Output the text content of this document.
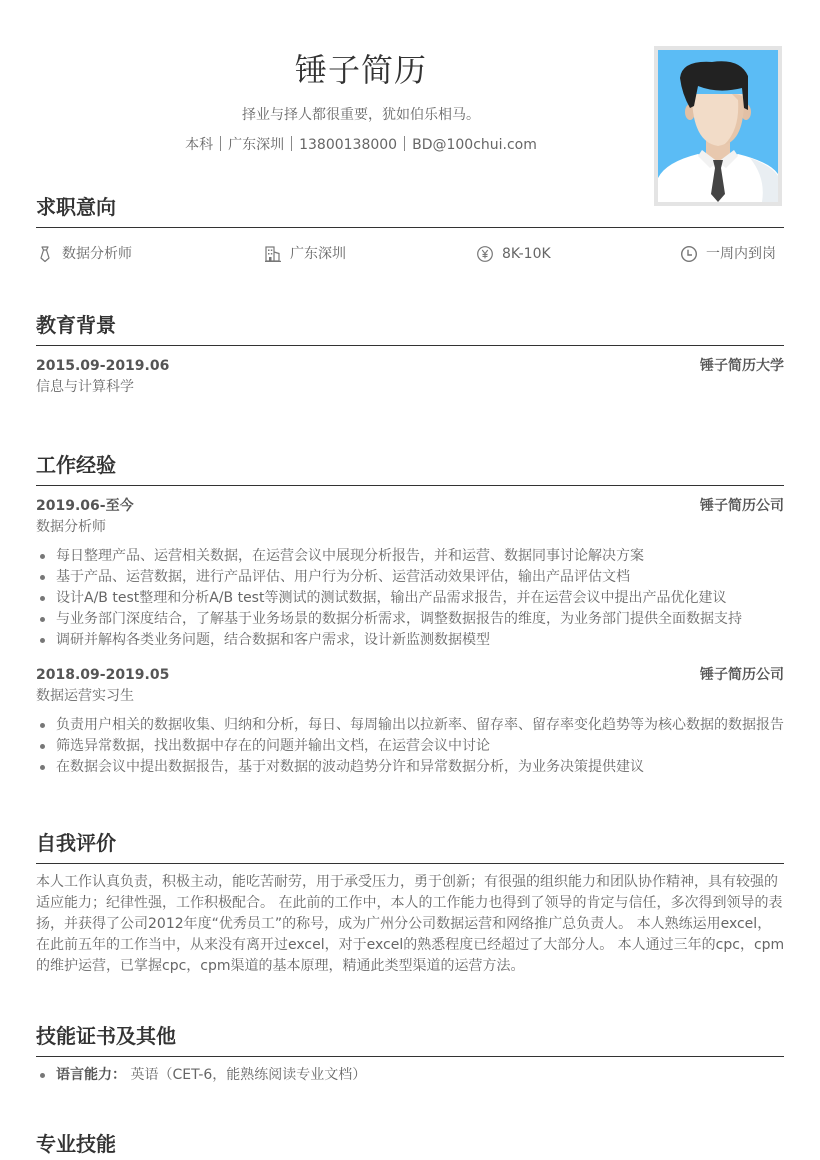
锤子简历
择业与择人都很重要，犹如伯乐相马。
本科 广东深圳 13800138000 BD@100chui.com
求职意向
数据分析师	广东深圳	8K-10K	一周内到岗
教育背景
2015.09-2019.06	锤子简历大学
信息与计算科学
工作经验
2019.06-至今	锤子简历公司
数据分析师
每日整理产品、运营相关数据，在运营会议中展现分析报告，并和运营、数据同事讨论解决方案
基于产品、运营数据，进行产品评估、用户行为分析、运营活动效果评估，输出产品评估文档
设计A/B test整理和分析A/B test等测试的测试数据，输出产品需求报告，并在运营会议中提出产品优化建议
与业务部门深度结合，了解基于业务场景的数据分析需求，调整数据报告的维度，为业务部门提供全面数据支持
调研并解构各类业务问题，结合数据和客户需求，设计新监测数据模型
2018.09-2019.05	锤子简历公司
数据运营实习生
负责用户相关的数据收集、归纳和分析，每日、每周输出以拉新率、留存率、留存率变化趋势等为核心数据的数据报告
筛选异常数据，找出数据中存在的问题并输出文档，在运营会议中讨论
在数据会议中提出数据报告，基于对数据的波动趋势分许和异常数据分析，为业务决策提供建议
自我评价
本人工作认真负责，积极主动，能吃苦耐劳，用于承受压力，勇于创新；有很强的组织能力和团队协作精神，具有较强的
适应能力；纪律性强，工作积极配合。 在此前的工作中，本人的工作能力也得到了领导的肯定与信任，多次得到领导的表
扬，并获得了公司2012年度“优秀员工”的称号，成为广州分公司数据运营和网络推广总负责人。 本人熟练运用excel，
在此前五年的工作当中，从来没有离开过excel，对于excel的熟悉程度已经超过了大部分人。 本人通过三年的cpc，cpm
的维护运营，已掌握cpc，cpm渠道的基本原理，精通此类型渠道的运营方法。
技能证书及其他
语言能力： 英语（CET-6，能熟练阅读专业文档）
专业技能
